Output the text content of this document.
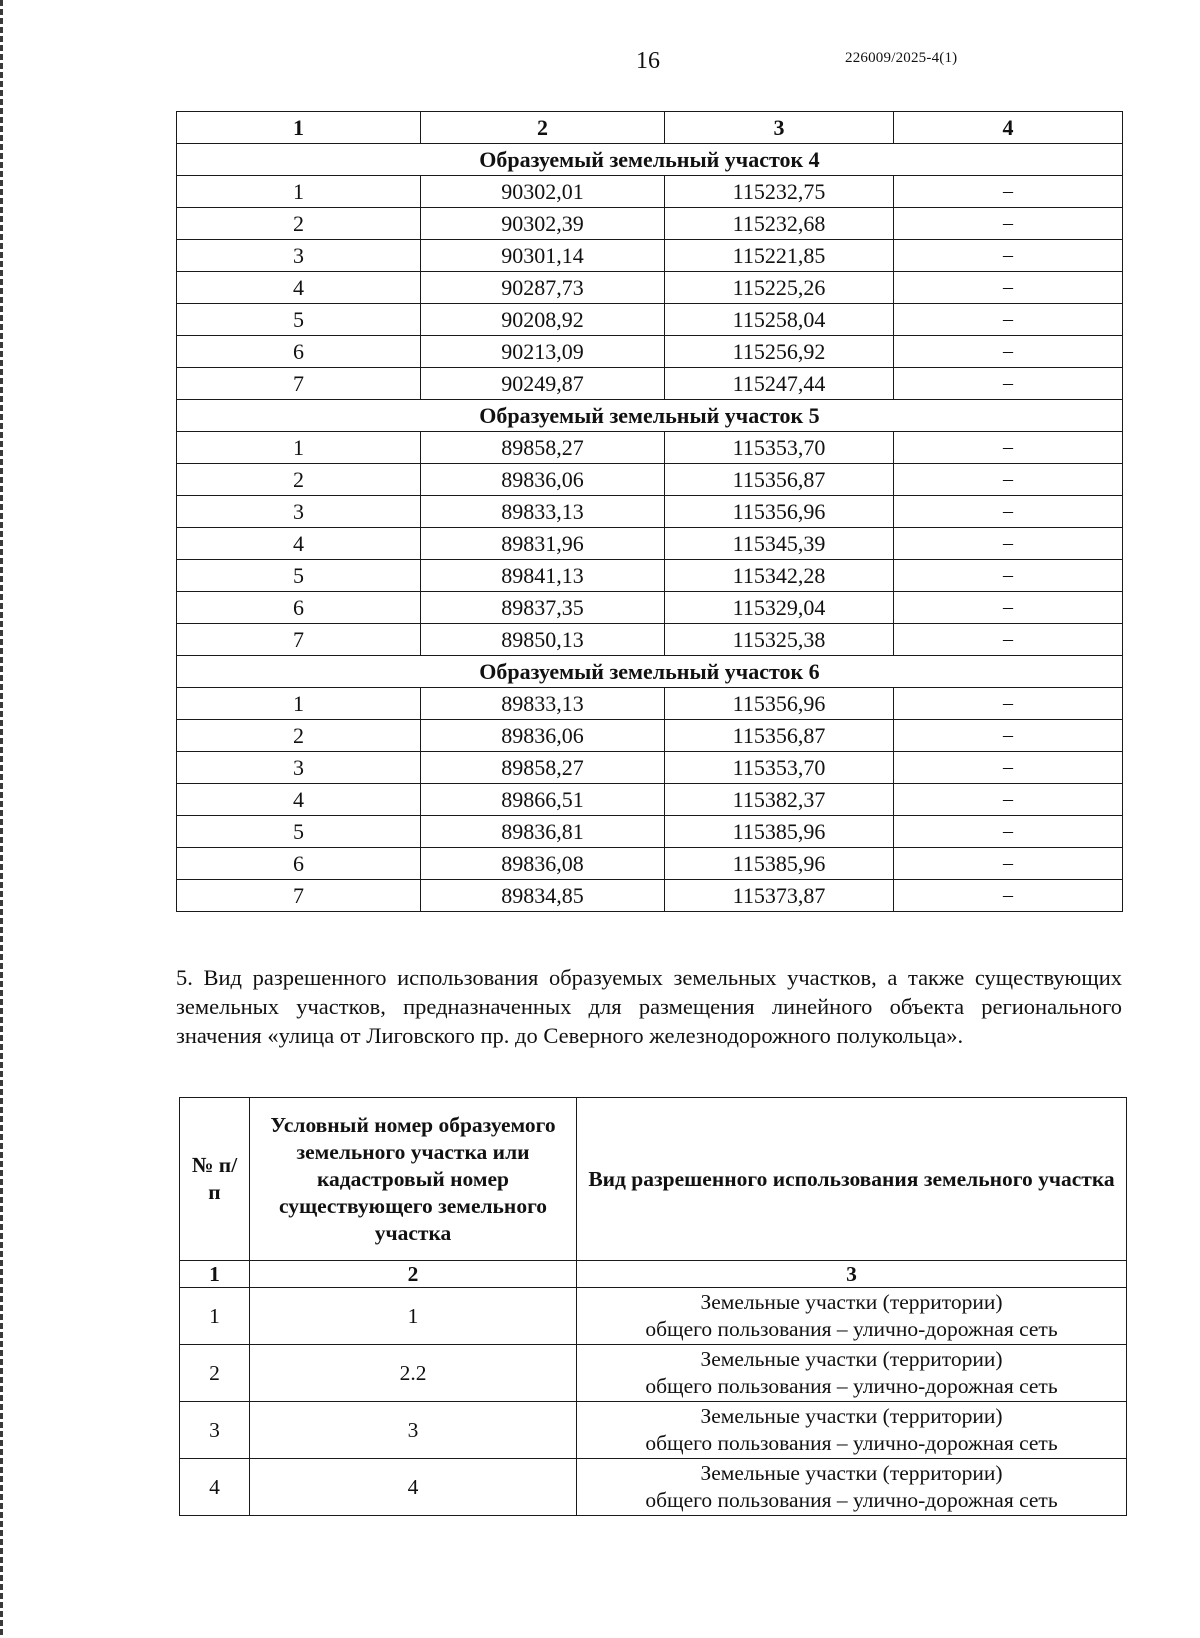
16	226009/2025-4(1)
1	2	3	4
Образуемый земельный участок 4			
1	90302,01	115232,75	–
2	90302,39	115232,68	–
3	90301,14	115221,85	–
4	90287,73	115225,26	–
5	90208,92	115258,04	–
6	90213,09	115256,92	–
7	90249,87	115247,44	–
Образуемый земельный участок 5			
1	89858,27	115353,70	–
2	89836,06	115356,87	–
3	89833,13	115356,96	–
4	89831,96	115345,39	–
5	89841,13	115342,28	–
6	89837,35	115329,04	–
7	89850,13	115325,38	–
Образуемый земельный участок 6			
1	89833,13	115356,96	–
2	89836,06	115356,87	–
3	89858,27	115353,70	–
4	89866,51	115382,37	–
5	89836,81	115385,96	–
6	89836,08	115385,96	–
7	89834,85	115373,87	–

5. Вид разрешенного использования образуемых земельных участков, а также существующих земельных участков, предназначенных для размещения линейного объекта регионального значения «улица от Лиговского пр. до Северного железнодорожного полукольца».

№ п/п	Условный номер образуемого земельного участка или кадастровый номер существующего земельного участка	Вид разрешенного использования земельного участка
1	2	3
1	1	Земельные участки (территории)
общего пользования – улично-дорожная сеть

2	2.2	Земельные участки (территории)
общего пользования – улично-дорожная сеть

3	3	Земельные участки (территории)
общего пользования – улично-дорожная сеть

4	4	Земельные участки (территории)
общего пользования – улично-дорожная сеть
